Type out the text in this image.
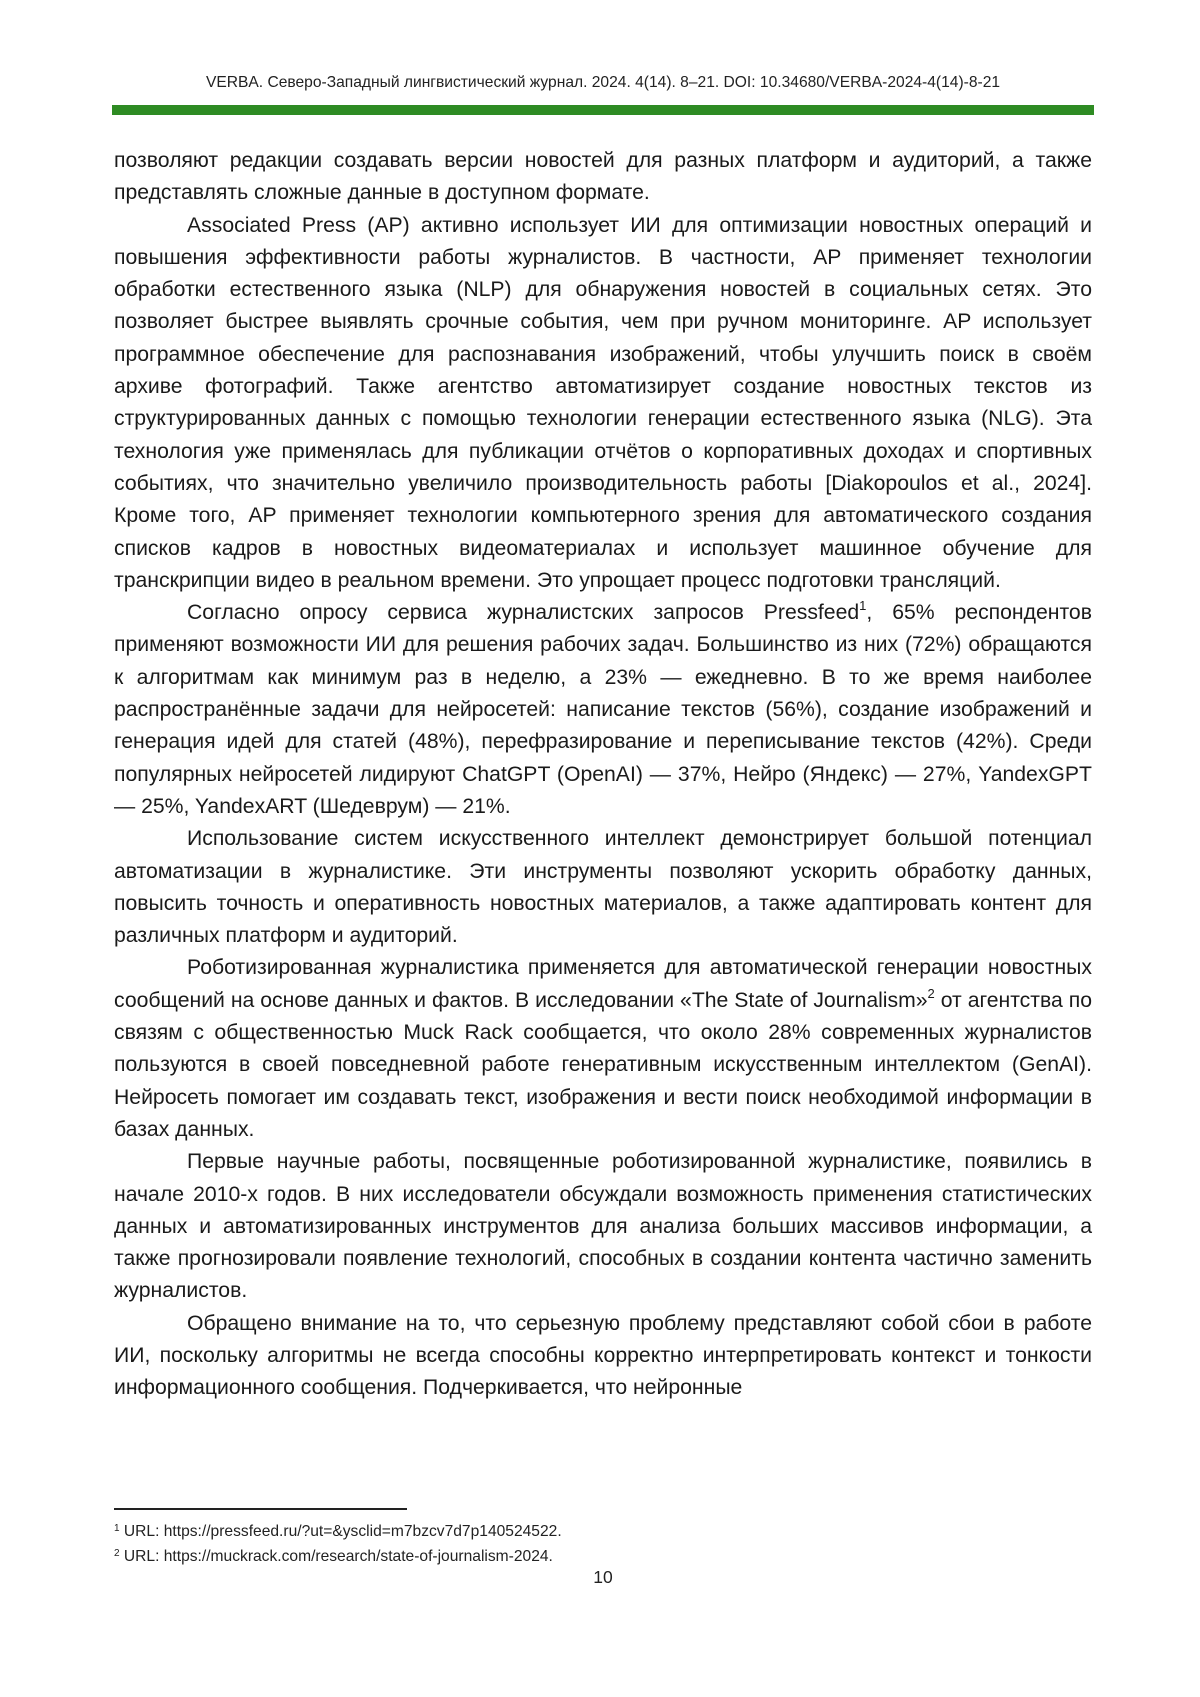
VERBA. Северо-Западный лингвистический журнал. 2024. 4(14). 8–21. DOI: 10.34680/VERBA-2024-4(14)-8-21

позволяют редакции создавать версии новостей для разных платформ и аудиторий, а также представлять сложные данные в доступном формате.

Associated Press (AP) активно использует ИИ для оптимизации новостных операций и повышения эффективности работы журналистов. В частности, AP применяет технологии обработки естественного языка (NLP) для обнаружения новостей в социальных сетях. Это позволяет быстрее выявлять срочные события, чем при ручном мониторинге. AP использует программное обеспечение для распознавания изображений, чтобы улучшить поиск в своём архиве фотографий. Также агентство автоматизирует создание новостных текстов из структурированных данных с помощью технологии генерации естественного языка (NLG). Эта технология уже применялась для публикации отчётов о корпоративных доходах и спортивных событиях, что значительно увеличило производительность работы [Diakopoulos et al., 2024]. Кроме того, AP применяет технологии компьютерного зрения для автоматического создания списков кадров в новостных видеоматериалах и использует машинное обучение для транскрипции видео в реальном времени. Это упрощает процесс подготовки трансляций.

Согласно опросу сервиса журналистских запросов Pressfeed$^1$, 65% респондентов применяют возможности ИИ для решения рабочих задач. Большинство из них (72%) обращаются к алгоритмам как минимум раз в неделю, а 23% — ежедневно. В то же время наиболее распространённые задачи для нейросетей: написание текстов (56%), создание изображений и генерация идей для статей (48%), перефразирование и переписывание текстов (42%). Среди популярных нейросетей лидируют ChatGPT (OpenAI) — 37%, Нейро (Яндекс) — 27%, YandexGPT — 25%, YandexART (Шедеврум) — 21%.

Использование систем искусственного интеллект демонстрирует большой потенциал автоматизации в журналистике. Эти инструменты позволяют ускорить обработку данных, повысить точность и оперативность новостных материалов, а также адаптировать контент для различных платформ и аудиторий.

Роботизированная журналистика применяется для автоматической генерации новостных сообщений на основе данных и фактов. В исследовании «The State of Journalism»$^2$ от агентства по связям с общественностью Muck Rack сообщается, что около 28% современных журналистов пользуются в своей повседневной работе генеративным искусственным интеллектом (GenAI). Нейросеть помогает им создавать текст, изображения и вести поиск необходимой информации в базах данных.

Первые научные работы, посвященные роботизированной журналистике, появились в начале 2010-х годов. В них исследователи обсуждали возможность применения статистических данных и автоматизированных инструментов для анализа больших массивов информации, а также прогнозировали появление технологий, способных в создании контента частично заменить журналистов.

Обращено внимание на то, что серьезную проблему представляют собой сбои в работе ИИ, поскольку алгоритмы не всегда способны корректно интерпретировать контекст и тонкости информационного сообщения. Подчеркивается, что нейронные

$^1$ URL: https://pressfeed.ru/?ut=&ysclid=m7bzcv7d7p140524522.
$^2$ URL: https://muckrack.com/research/state-of-journalism-2024.
10
